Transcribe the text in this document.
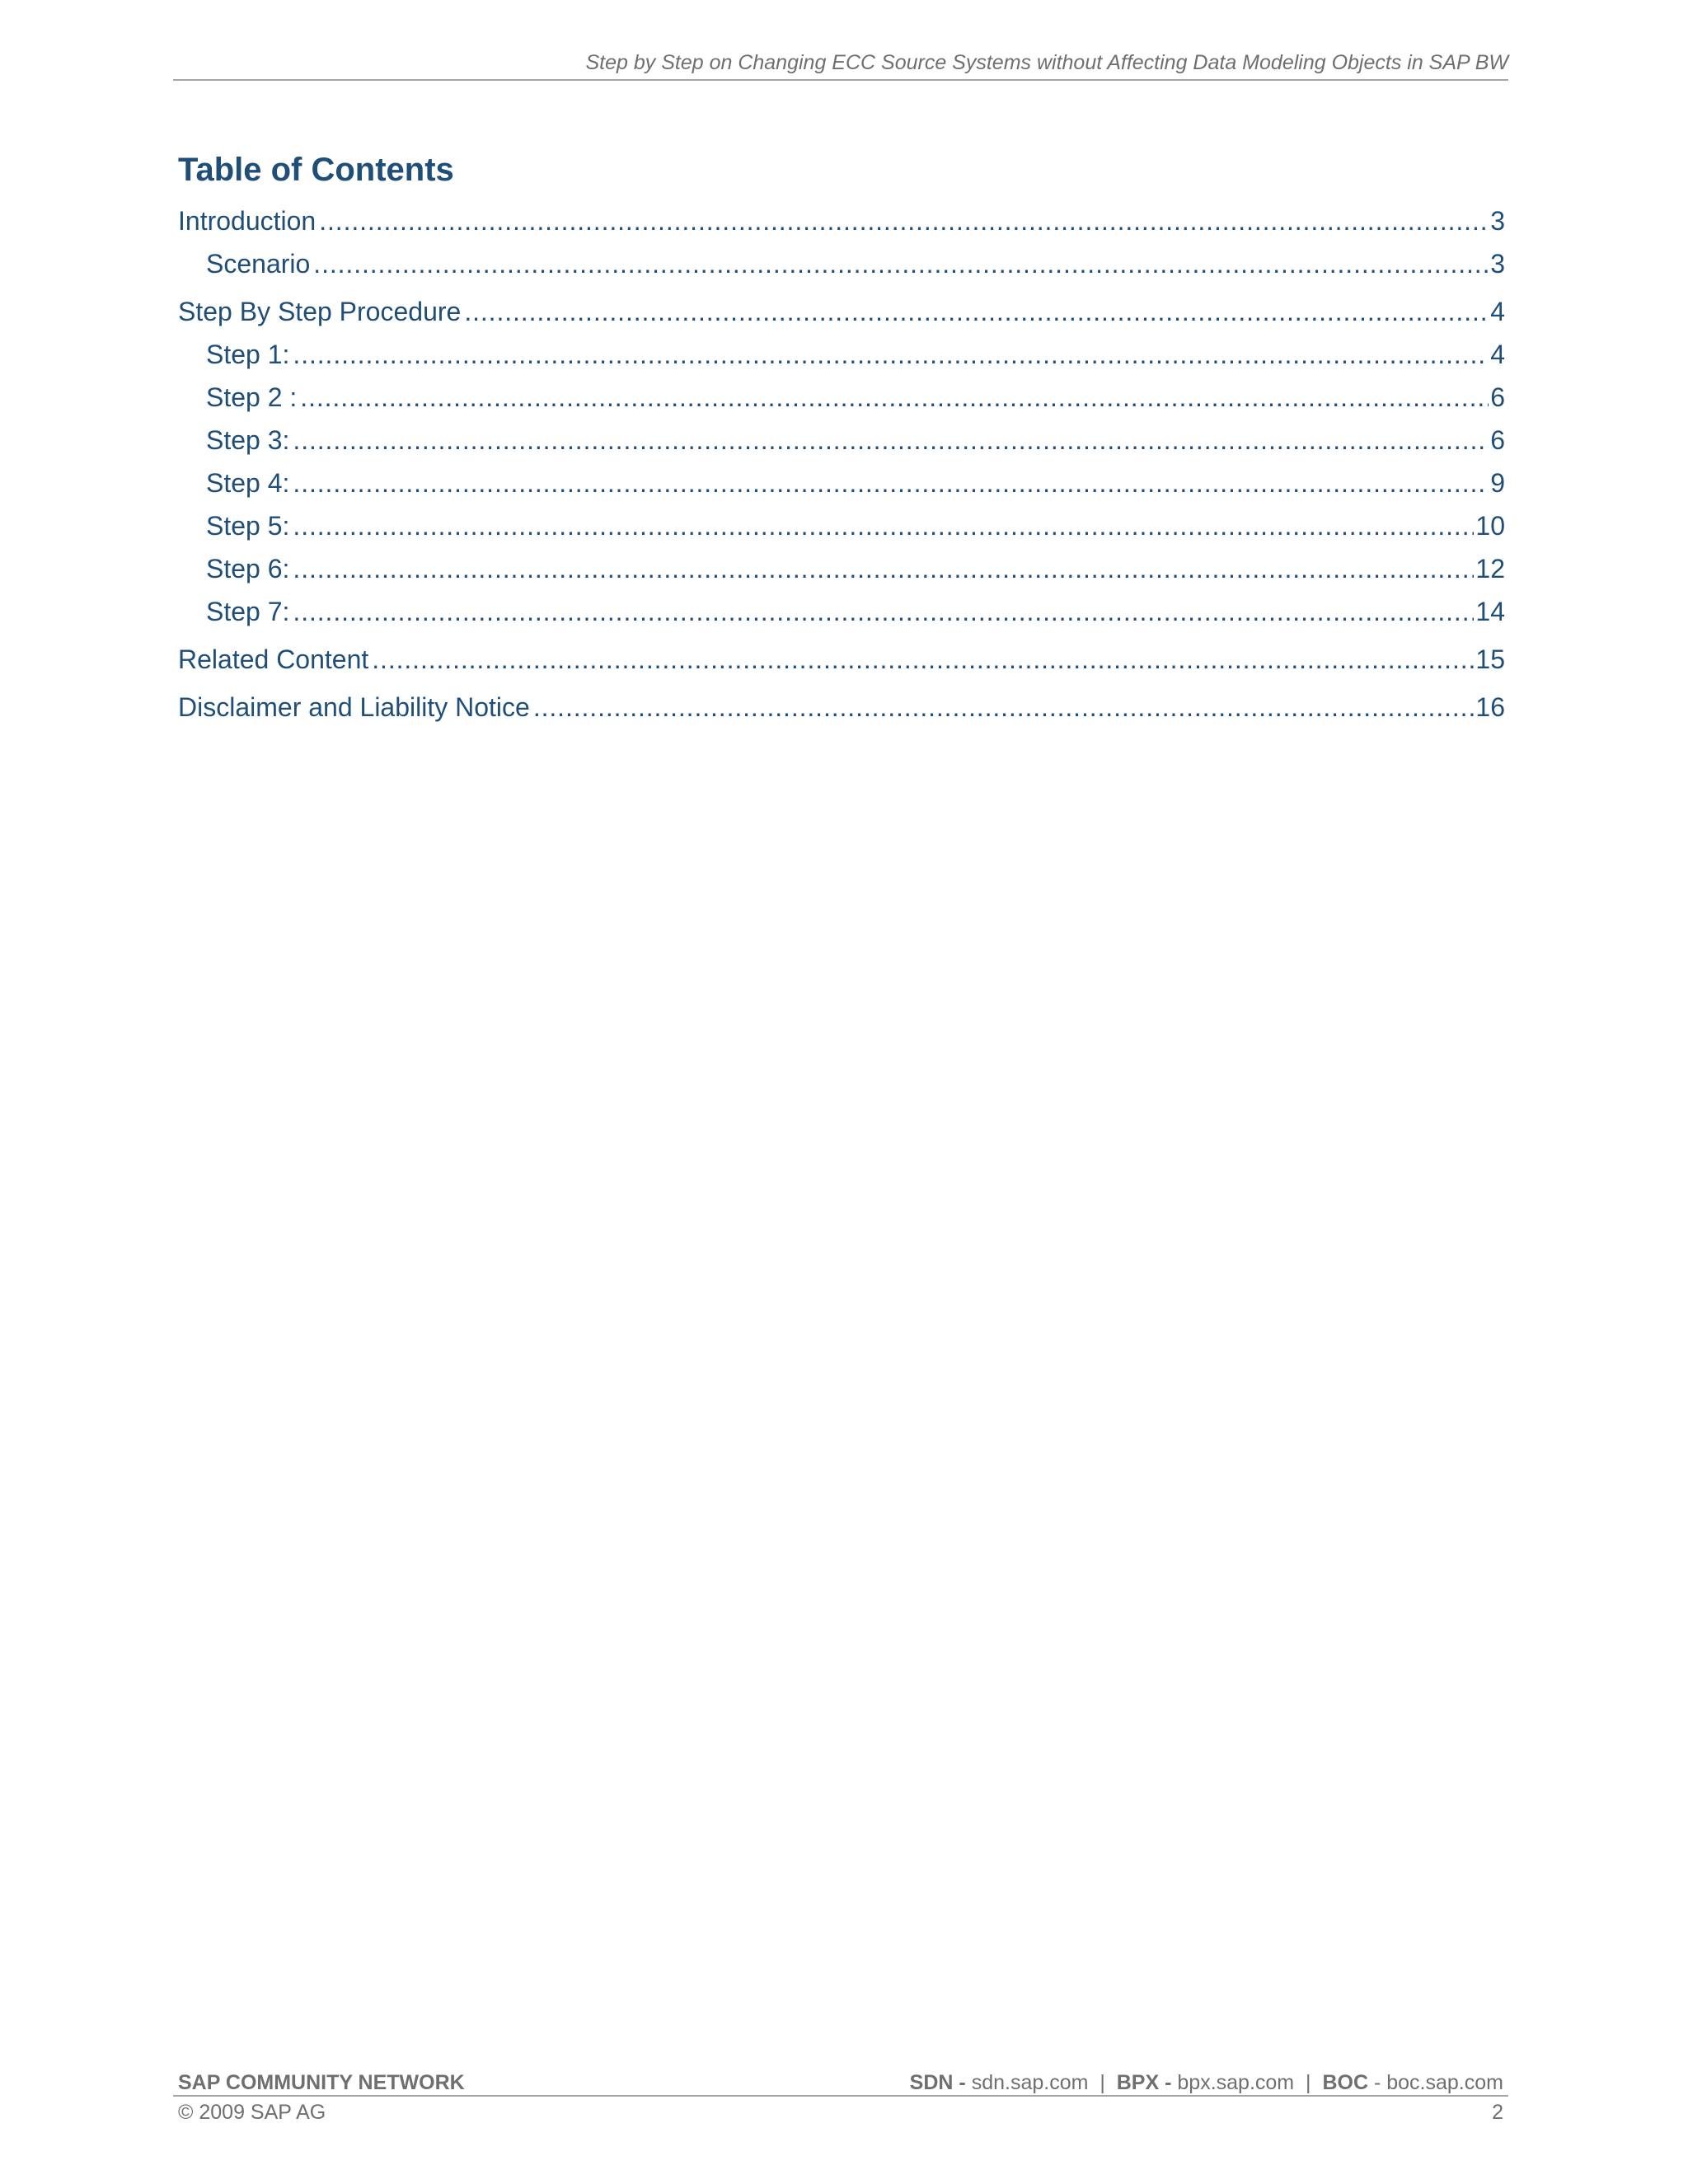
Step by Step on Changing ECC Source Systems without Affecting Data Modeling Objects in SAP BW
Table of Contents
Introduction . . .	3
Scenario . . .	3
Step By Step Procedure . . .	4
Step 1: . . .	4
Step 2 : . . .	6
Step 3: . . .	6
Step 4: . . .	9
Step 5: . . .	10
Step 6: . . .	12
Step 7: . . .	14
Related Content . . .	15
Disclaimer and Liability Notice . . .	16
SAP COMMUNITY NETWORK	SDN - sdn.sap.com | BPX - bpx.sap.com | BOC - boc.sap.com
© 2009 SAP AG	2
